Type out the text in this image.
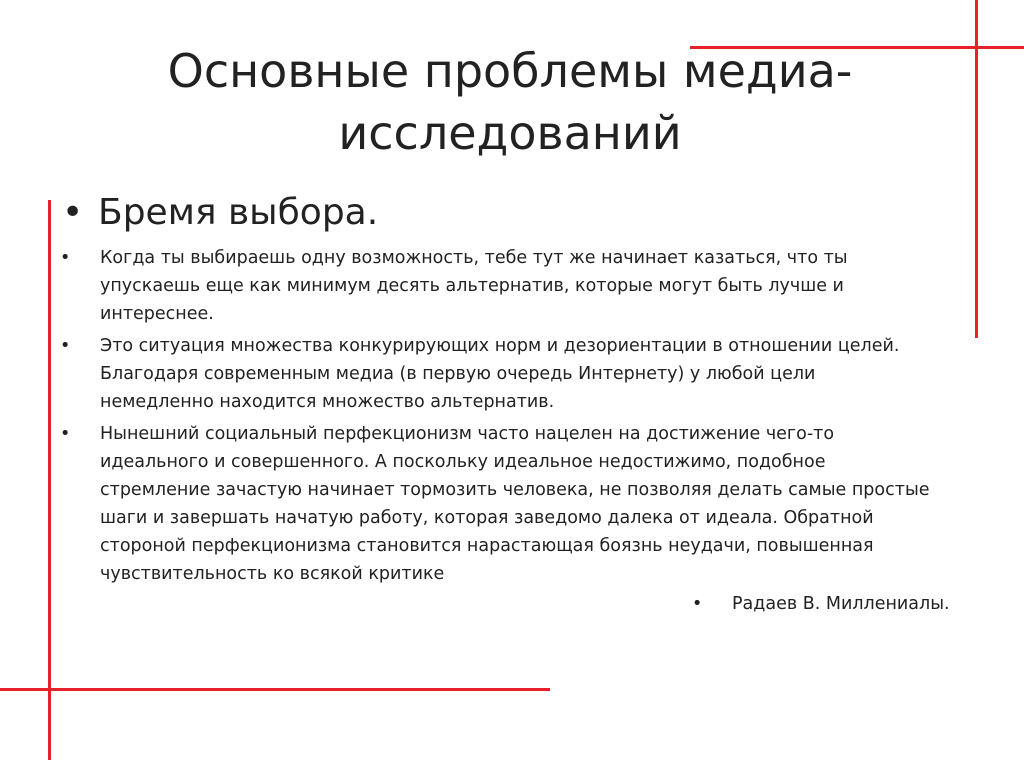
Основные проблемы медиа-
исследований
• Бремя выбора.
•	Когда ты выбираешь одну возможность, тебе тут же начинает казаться, что ты
упускаешь еще как минимум десять альтернатив, которые могут быть лучше и
интереснее.
•	Это ситуация множества конкурирующих норм и дезориентации в отношении целей.
Благодаря современным медиа (в первую очередь Интернету) у любой цели
немедленно находится множество альтернатив.
•	Нынешний социальный перфекционизм часто нацелен на достижение чего-то
идеального и совершенного. А поскольку идеальное недостижимо, подобное
стремление зачастую начинает тормозить человека, не позволяя делать самые простые
шаги и завершать начатую работу, которая заведомо далека от идеала. Обратной
стороной перфекционизма становится нарастающая боязнь неудачи, повышенная
чувствительность ко всякой критике
•	Радаев В. Миллениалы.
